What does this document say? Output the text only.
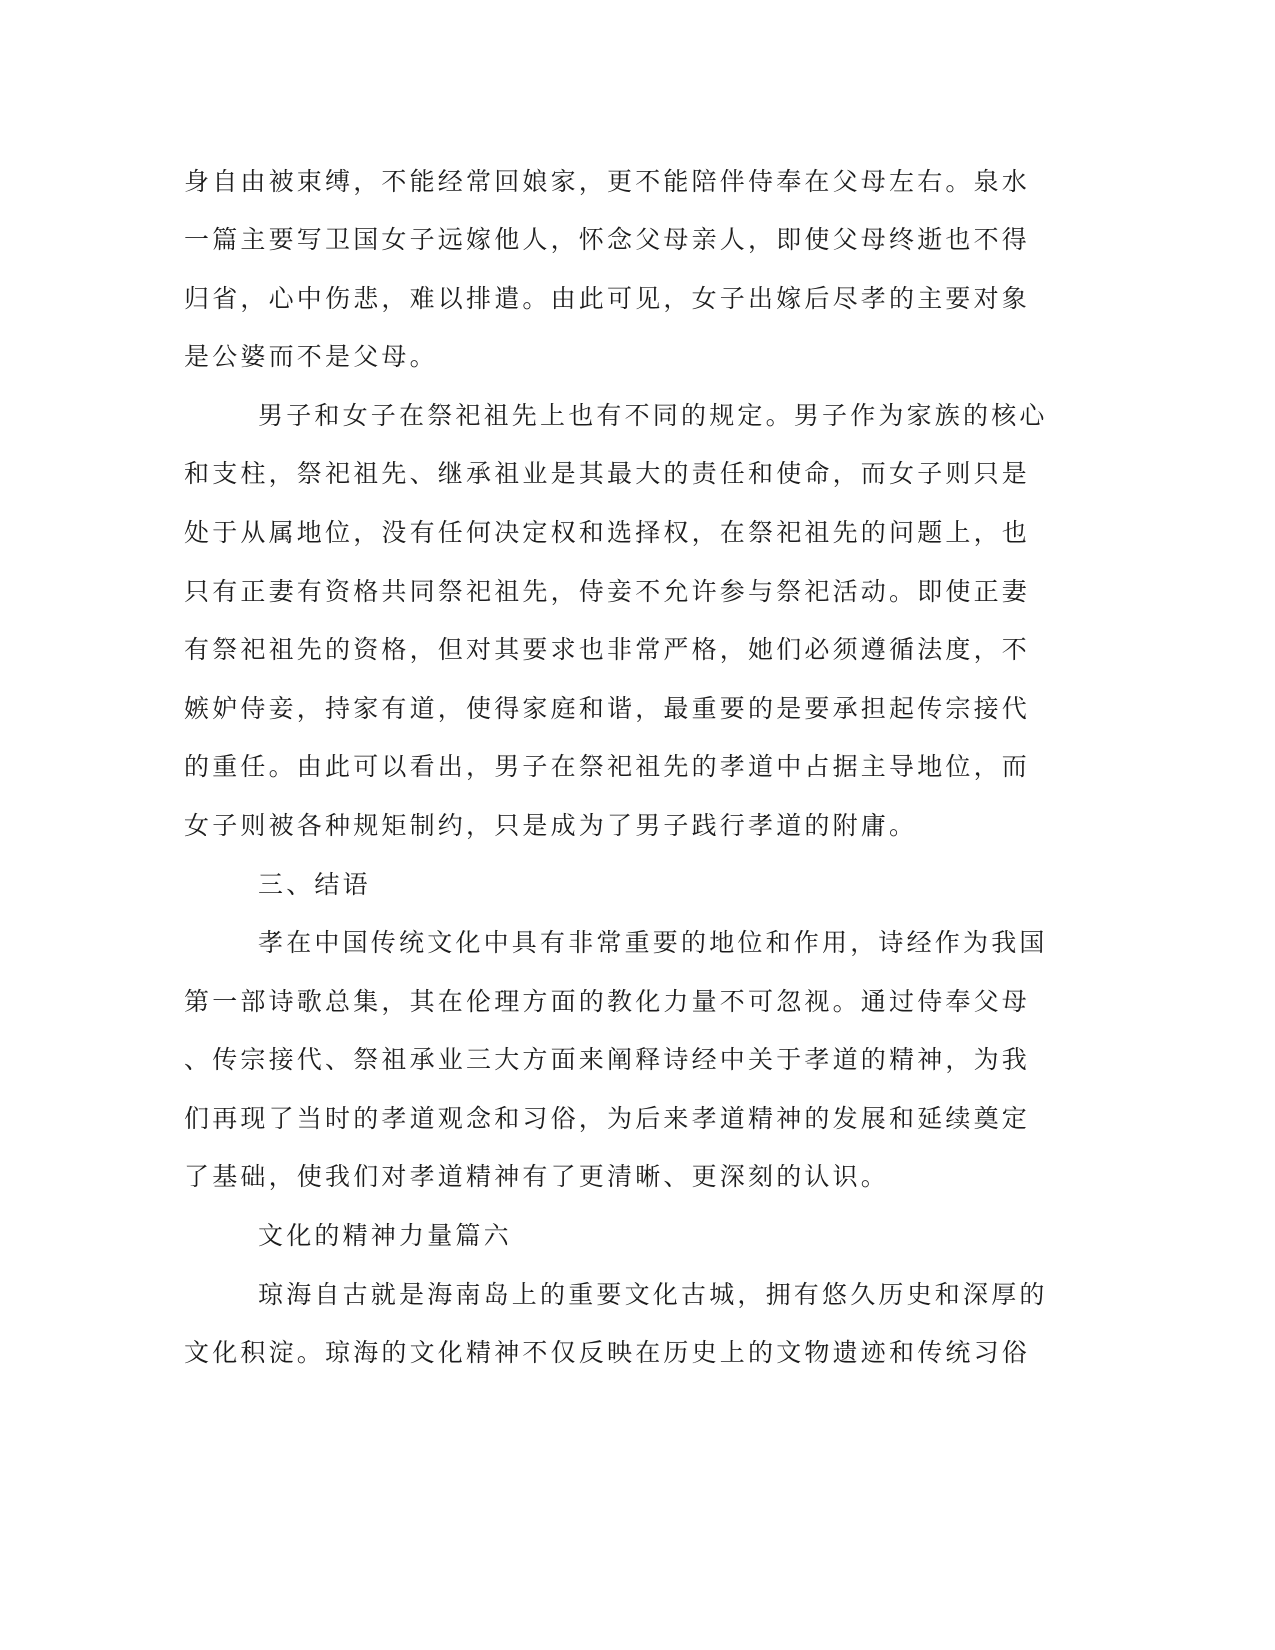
身自由被束缚，不能经常回娘家，更不能陪伴侍奉在父母左右。泉水

一篇主要写卫国女子远嫁他人，怀念父母亲人，即使父母终逝也不得

归省，心中伤悲，难以排遣。由此可见，女子出嫁后尽孝的主要对象

是公婆而不是父母。

男子和女子在祭祀祖先上也有不同的规定。男子作为家族的核心

和支柱，祭祀祖先、继承祖业是其最大的责任和使命，而女子则只是

处于从属地位，没有任何决定权和选择权，在祭祀祖先的问题上，也

只有正妻有资格共同祭祀祖先，侍妾不允许参与祭祀活动。即使正妻

有祭祀祖先的资格，但对其要求也非常严格，她们必须遵循法度，不

嫉妒侍妾，持家有道，使得家庭和谐，最重要的是要承担起传宗接代

的重任。由此可以看出，男子在祭祀祖先的孝道中占据主导地位，而

女子则被各种规矩制约，只是成为了男子践行孝道的附庸。

三、结语

孝在中国传统文化中具有非常重要的地位和作用，诗经作为我国

第一部诗歌总集，其在伦理方面的教化力量不可忽视。通过侍奉父母

、传宗接代、祭祖承业三大方面来阐释诗经中关于孝道的精神，为我

们再现了当时的孝道观念和习俗，为后来孝道精神的发展和延续奠定

了基础，使我们对孝道精神有了更清晰、更深刻的认识。

文化的精神力量篇六

琼海自古就是海南岛上的重要文化古城，拥有悠久历史和深厚的

文化积淀。琼海的文化精神不仅反映在历史上的文物遗迹和传统习俗
